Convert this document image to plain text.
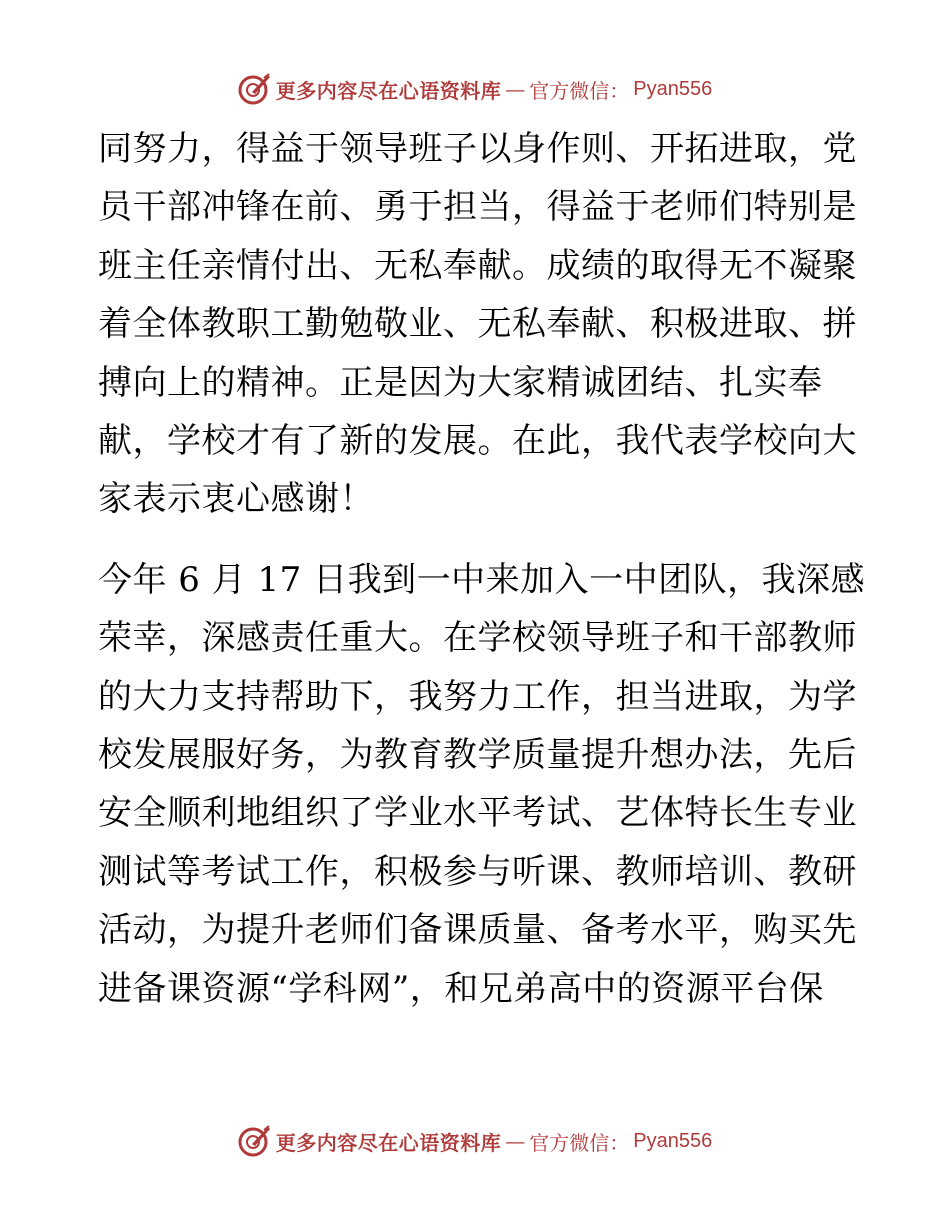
更多内容尽在心语资料库 — 官方微信： Pyan556

同努力，得益于领导班子以身作则、开拓进取，党
员干部冲锋在前、勇于担当，得益于老师们特别是
班主任亲情付出、无私奉献。成绩的取得无不凝聚
着全体教职工勤勉敬业、无私奉献、积极进取、拼
搏向上的精神。正是因为大家精诚团结、扎实奉
献，学校才有了新的发展。在此，我代表学校向大
家表示衷心感谢！

今年 6 月 17 日我到一中来加入一中团队，我深感
荣幸，深感责任重大。在学校领导班子和干部教师
的大力支持帮助下，我努力工作，担当进取，为学
校发展服好务，为教育教学质量提升想办法，先后
安全顺利地组织了学业水平考试、艺体特长生专业
测试等考试工作，积极参与听课、教师培训、教研
活动，为提升老师们备课质量、备考水平，购买先
进备课资源“学科网”，和兄弟高中的资源平台保

更多内容尽在心语资料库 — 官方微信： Pyan556
